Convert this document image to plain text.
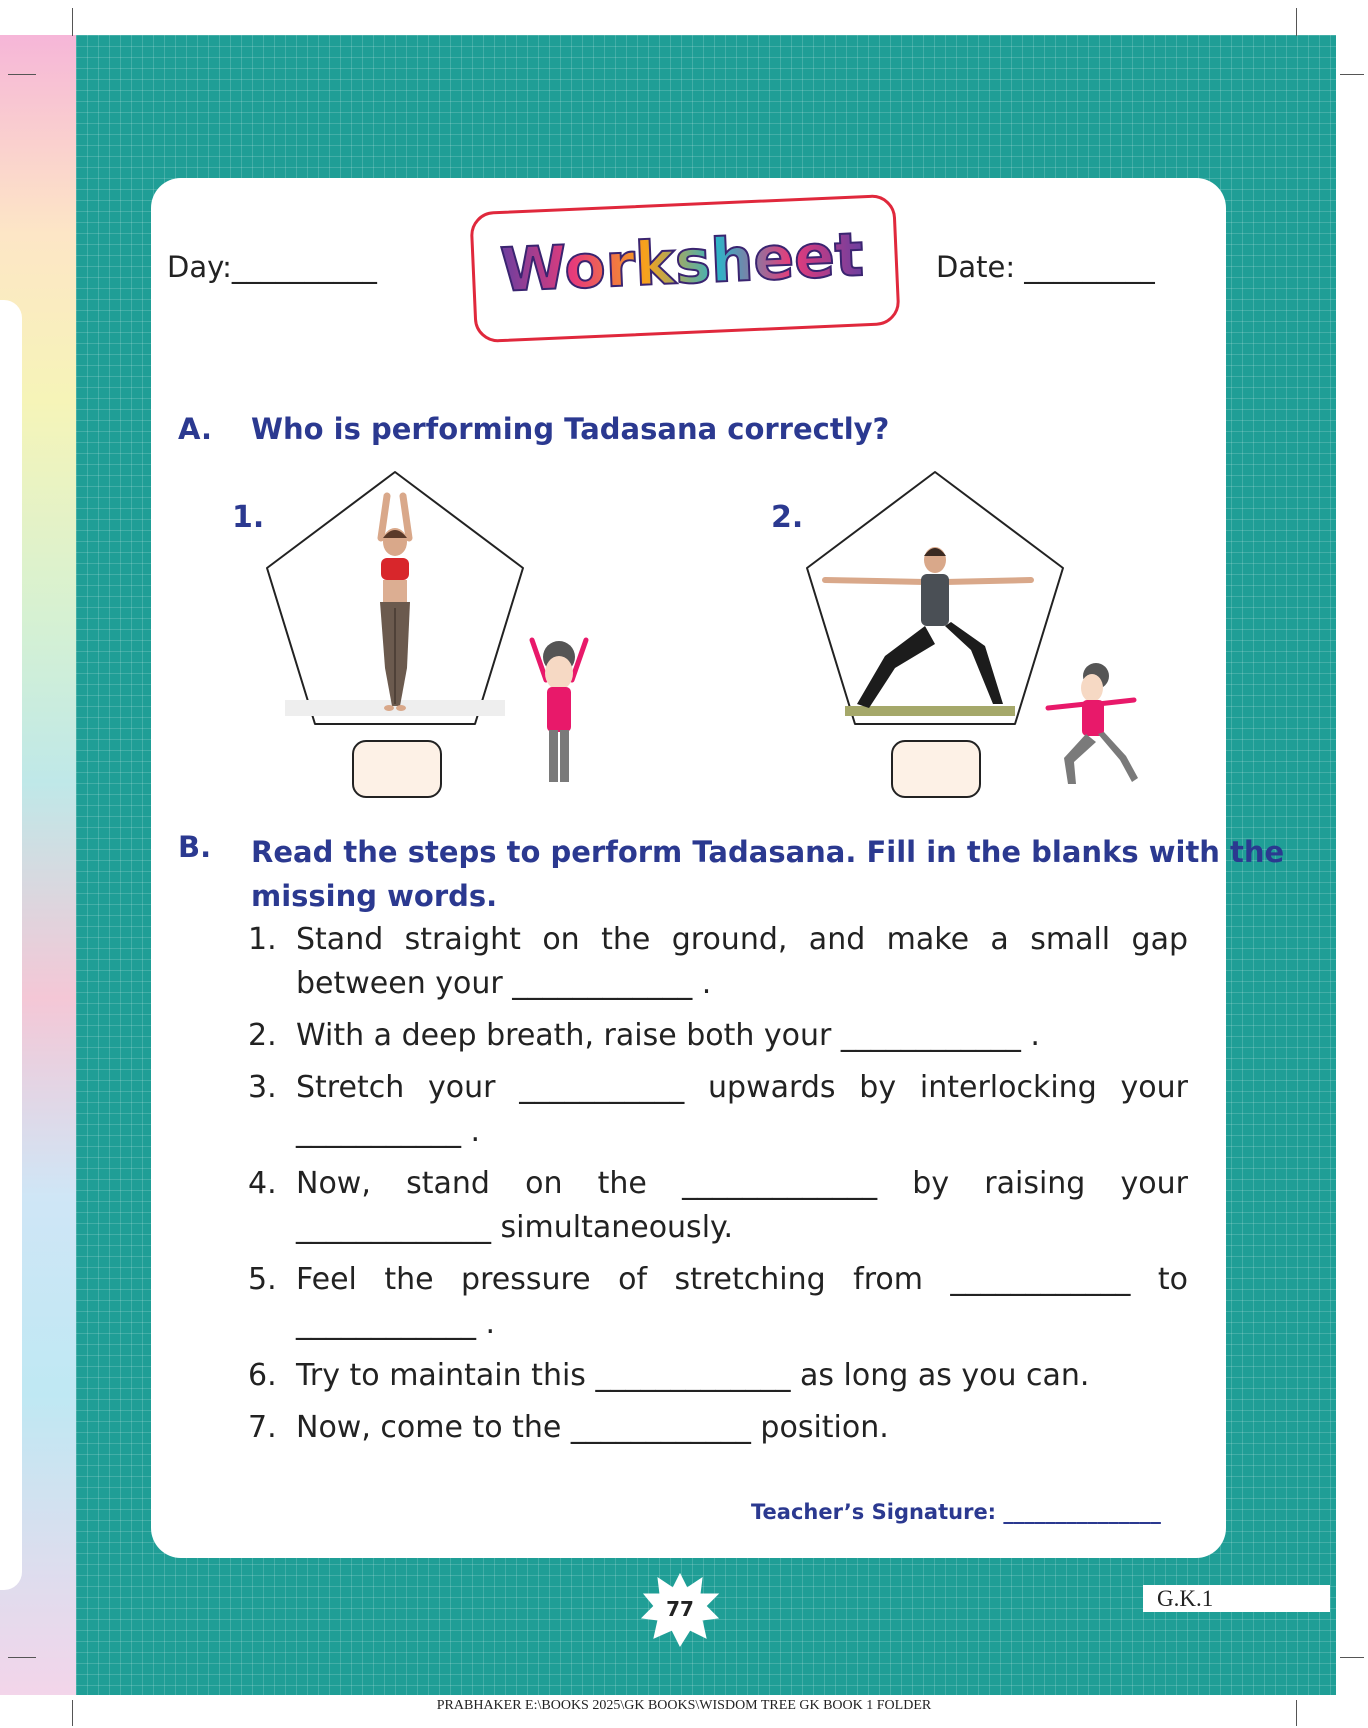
Day:__________	Date: _________
Worksheet
A. Who is performing Tadasana correctly?
1.	2.
B. Read the steps to perform Tadasana. Fill in the blanks with the
missing words.
1. Stand straight on the ground, and make a small gap between your ____________ .
2. With a deep breath, raise both your ____________ .
3. Stretch your ___________ upwards by interlocking your ___________ .
4. Now, stand on the _____________ by raising your _____________ simultaneously.
5. Feel the pressure of stretching from ____________ to ____________ .
6. Try to maintain this _____________ as long as you can.
7. Now, come to the ____________ position.
Teacher’s Signature: _______________
77	G.K.1
PRABHAKER E:\BOOKS 2025\GK BOOKS\WISDOM TREE GK BOOK 1 FOLDER
